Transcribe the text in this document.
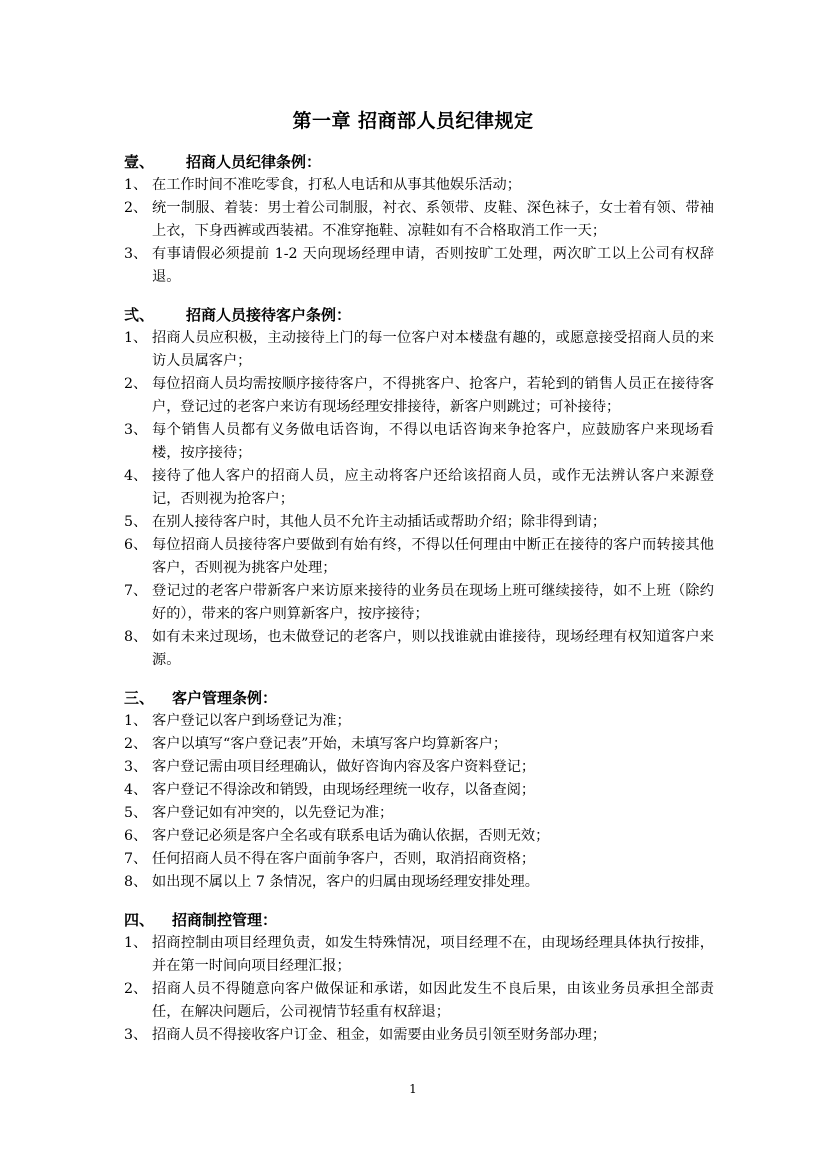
第一章 招商部人员纪律规定
壹、 招商人员纪律条例：
1、 在工作时间不准吃零食，打私人电话和从事其他娱乐活动；
2、 统一制服、着装：男士着公司制服，衬衣、系领带、皮鞋、深色袜子，女士着有领、带袖上衣，下身西裤或西装裙。不准穿拖鞋、凉鞋如有不合格取消工作一天；
3、 有事请假必须提前 1-2 天向现场经理申请，否则按旷工处理，两次旷工以上公司有权辞退。
弍、 招商人员接待客户条例：
1、 招商人员应积极，主动接待上门的每一位客户对本楼盘有趣的，或愿意接受招商人员的来访人员属客户；
2、 每位招商人员均需按顺序接待客户，不得挑客户、抢客户，若轮到的销售人员正在接待客户，登记过的老客户来访有现场经理安排接待，新客户则跳过；可补接待；
3、 每个销售人员都有义务做电话咨询，不得以电话咨询来争抢客户，应鼓励客户来现场看楼，按序接待；
4、 接待了他人客户的招商人员，应主动将客户还给该招商人员，或作无法辨认客户来源登记，否则视为抢客户；
5、 在别人接待客户时，其他人员不允许主动插话或帮助介绍；除非得到请；
6、 每位招商人员接待客户要做到有始有终，不得以任何理由中断正在接待的客户而转接其他客户，否则视为挑客户处理；
7、 登记过的老客户带新客户来访原来接待的业务员在现场上班可继续接待，如不上班（除约好的），带来的客户则算新客户，按序接待；
8、 如有未来过现场，也未做登记的老客户，则以找谁就由谁接待，现场经理有权知道客户来源。
三、 客户管理条例：
1、 客户登记以客户到场登记为准；
2、 客户以填写“客户登记表”开始，未填写客户均算新客户；
3、 客户登记需由项目经理确认，做好咨询内容及客户资料登记；
4、 客户登记不得涂改和销毁，由现场经理统一收存，以备查阅；
5、 客户登记如有冲突的，以先登记为准；
6、 客户登记必须是客户全名或有联系电话为确认依据，否则无效；
7、 任何招商人员不得在客户面前争客户，否则，取消招商资格；
8、 如出现不属以上 7 条情况，客户的归属由现场经理安排处理。
四、 招商制控管理：
1、 招商控制由项目经理负责，如发生特殊情况，项目经理不在，由现场经理具体执行按排，并在第一时间向项目经理汇报；
2、 招商人员不得随意向客户做保证和承诺，如因此发生不良后果，由该业务员承担全部责任，在解决问题后，公司视情节轻重有权辞退；
3、 招商人员不得接收客户订金、租金，如需要由业务员引领至财务部办理；
1
